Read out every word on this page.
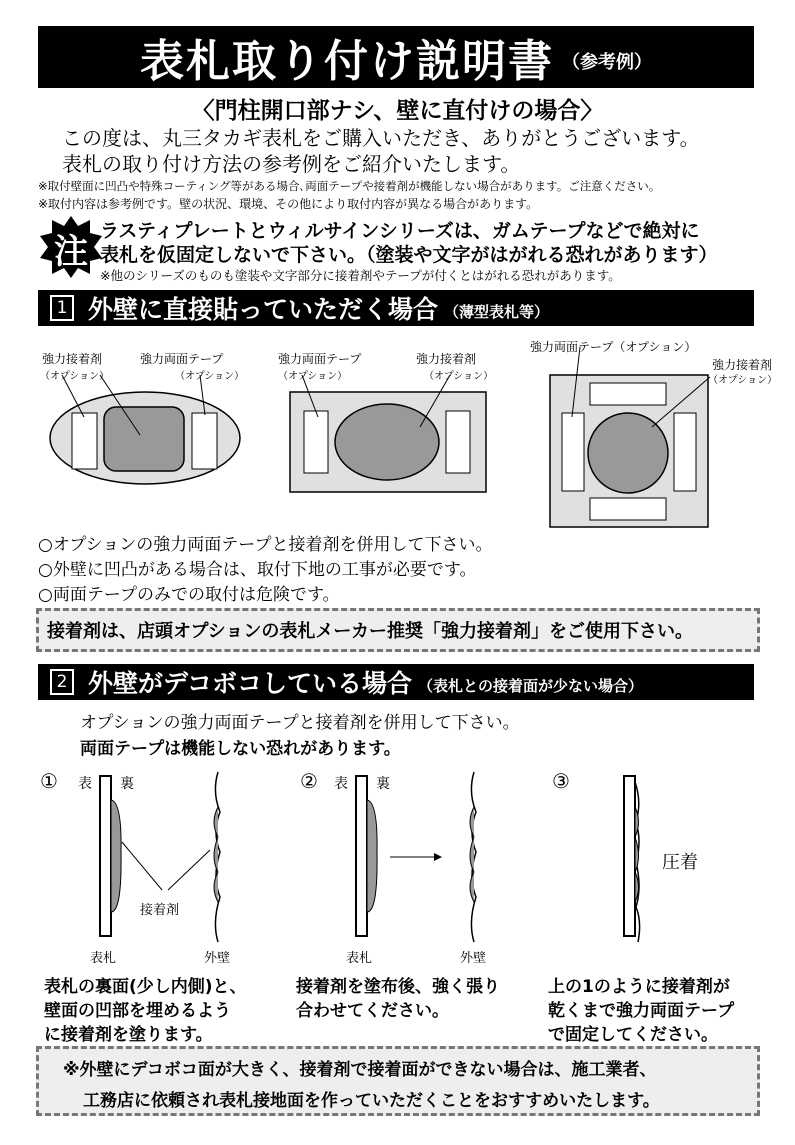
表札取り付け説明書 （参考例）
〈門柱開口部ナシ、壁に直付けの場合〉
この度は、丸三タカギ表札をご購入いただき、ありがとうございます。
表札の取り付け方法の参考例をご紹介いたします。
※取付壁面に凹凸や特殊コーティング等がある場合､両面テープや接着剤が機能しない場合があります。ご注意ください。
※取付内容は参考例です。壁の状況、環境、その他により取付内容が異なる場合があります。
注
ラスティプレートとウィルサインシリーズは、ガムテープなどで絶対に
表札を仮固定しないで下さい。（塗装や文字がはがれる恐れがあります）
※他のシリーズのものも塗装や文字部分に接着剤やテープが付くとはがれる恐れがあります。
1 外壁に直接貼っていただく場合 （薄型表札等）
強力接着剤
（オプション）
強力両面テープ
（オプション）
強力両面テープ
（オプション）
強力接着剤
（オプション）
強力両面テープ（オプション）
強力接着剤
（オプション）
○オプションの強力両面テープと接着剤を併用して下さい。
○外壁に凹凸がある場合は、取付下地の工事が必要です。
○両面テープのみでの取付は危険です。
接着剤は、店頭オプションの表札メーカー推奨「強力接着剤」をご使用下さい。
2 外壁がデコボコしている場合 （表札との接着面が少ない場合）
オプションの強力両面テープと接着剤を併用して下さい。
両面テープは機能しない恐れがあります。
① 表 裏
接着剤
表札	外壁
② 表 裏
表札	外壁
③
圧着
表札の裏面(少し内側)と、
壁面の凹部を埋めるよう
に接着剤を塗ります。
接着剤を塗布後、強く張り
合わせてください。
上の1のように接着剤が
乾くまで強力両面テープ
で固定してください。
※外壁にデコボコ面が大きく、接着剤で接着面ができない場合は、施工業者、
工務店に依頼され表札接地面を作っていただくことをおすすめいたします。
